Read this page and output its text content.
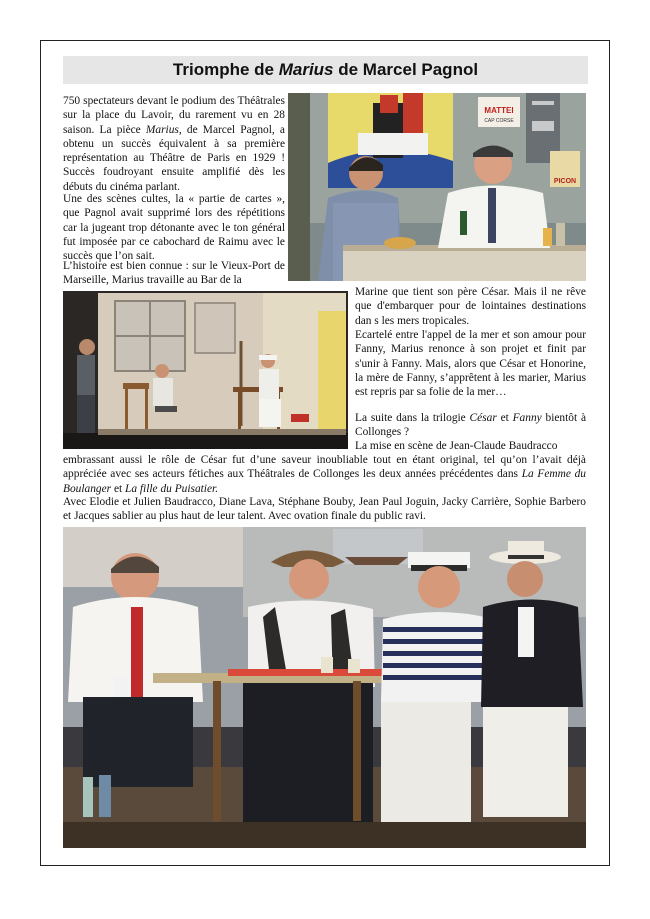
Triomphe de Marius de Marcel Pagnol

750 spectateurs devant le podium des Théâtrales sur la place du Lavoir, du rarement vu en 28 saison. La pièce Marius, de Marcel Pagnol, a obtenu un succès équivalent à sa première représentation au Théâtre de Paris en 1929 ! Succès foudroyant ensuite amplifié dès les débuts du cinéma parlant.

Une des scènes cultes, la « partie de cartes », que Pagnol avait supprimé lors des répétitions car la jugeant trop détonante avec le ton général fut imposée par ce cabochard de Raimu avec le succès que l’on sait.

L’histoire est bien connue : sur le Vieux-Port de Marseille, Marius travaille au Bar de la

Marine que tient son père César. Mais il ne rêve que d'embarquer pour de lointaines destinations dan s les mers tropicales.

Ecartelé entre l'appel de la mer et son amour pour Fanny, Marius renonce à son projet et finit par s'unir à Fanny. Mais, alors que César et Honorine, la mère de Fanny, s’apprêtent à les marier, Marius est repris par sa folie de la mer…

La suite dans la trilogie César et Fanny bientôt à Collonges ?

La mise en scène de Jean-Claude Baudracco

embrassant aussi le rôle de César fut d’une saveur inoubliable tout en étant original, tel qu’on l’avait déjà appréciée avec ses acteurs fétiches aux Théâtrales de Collonges les deux années précédentes dans La Femme du Boulanger et La fille du Puisatier.

Avec Elodie et Julien Baudracco, Diane Lava, Stéphane Bouby, Jean Paul Joguin, Jacky Carrière, Sophie Barbero et Jacques sablier au plus haut de leur talent. Avec ovation finale du public ravi.

MATTEI
CAP CORSE
PICON
